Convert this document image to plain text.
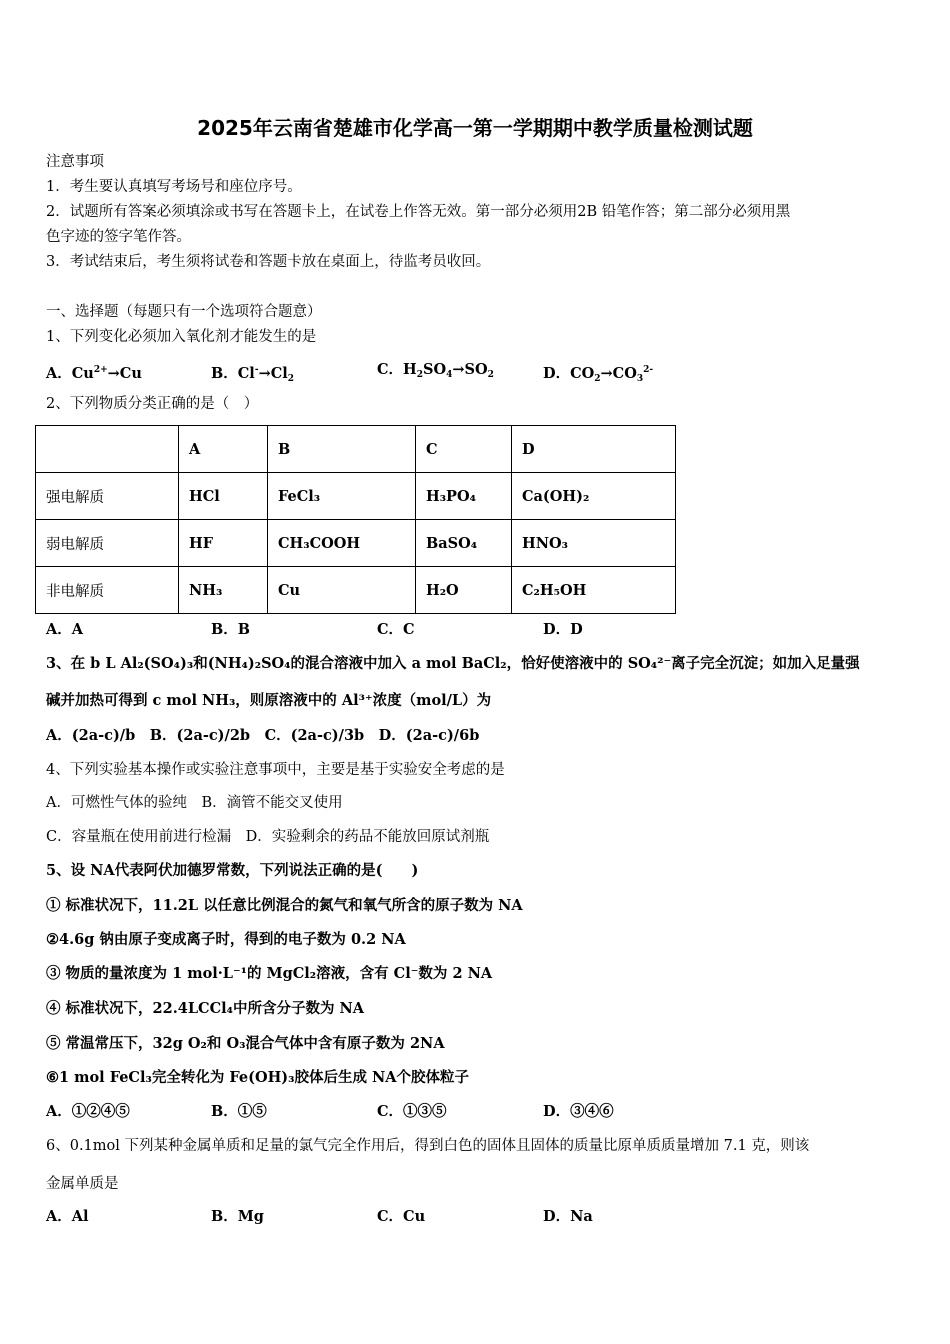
2025年云南省楚雄市化学高一第一学期期中教学质量检测试题
注意事项
1．考生要认真填写考场号和座位序号。
2．试题所有答案必须填涂或书写在答题卡上，在试卷上作答无效。第一部分必须用2B 铅笔作答；第二部分必须用黑
色字迹的签字笔作答。
3．考试结束后，考生须将试卷和答题卡放在桌面上，待监考员收回。
一、选择题（每题只有一个选项符合题意）
1、下列变化必须加入氧化剂才能发生的是
A．$Cu^{2+}\to Cu$	B．$Cl^-\to Cl_2$
C．$H_2SO_4\to SO_2$	D．$CO_2\to CO_3^{2-}$
2、下列物质分类正确的是（　）
	A	B	C	D
强电解质	HCl	FeCl₃	H₃PO₄	Ca(OH)₂
弱电解质	HF	CH₃COOH	BaSO₄	HNO₃
非电解质	NH₃	Cu	H₂O	C₂H₅OH
A．A	B．B	C．C	D．D
3、在 b L Al₂(SO₄)₃和(NH₄)₂SO₄的混合溶液中加入 a mol BaCl₂，恰好使溶液中的 SO₄²⁻离子完全沉淀；如加入足量强
碱并加热可得到 c mol NH₃，则原溶液中的 Al³⁺浓度（mol/L）为
A．(2a-c)/b　B．(2a-c)/2b　C．(2a-c)/3b　D．(2a-c)/6b
4、下列实验基本操作或实验注意事项中，主要是基于实验安全考虑的是
A．可燃性气体的验纯　B．滴管不能交叉使用
C．容量瓶在使用前进行检漏　D．实验剩余的药品不能放回原试剂瓶
5、设 NA代表阿伏加德罗常数，下列说法正确的是(　　)
① 标准状况下，11.2L 以任意比例混合的氮气和氧气所含的原子数为 NA
②4.6g 钠由原子变成离子时，得到的电子数为 0.2 NA
③ 物质的量浓度为 1 mol·L⁻¹的 MgCl₂溶液，含有 Cl⁻数为 2 NA
④ 标准状况下，22.4LCCl₄中所含分子数为 NA
⑤ 常温常压下，32g O₂和 O₃混合气体中含有原子数为 2NA
⑥1 mol FeCl₃完全转化为 Fe(OH)₃胶体后生成 NA个胶体粒子
A．①②④⑤	B．①⑤	C．①③⑤	D．③④⑥
6、0.1mol 下列某种金属单质和足量的氯气完全作用后，得到白色的固体且固体的质量比原单质质量增加 7.1 克，则该
金属单质是
A．Al	B．Mg	C．Cu	D．Na
